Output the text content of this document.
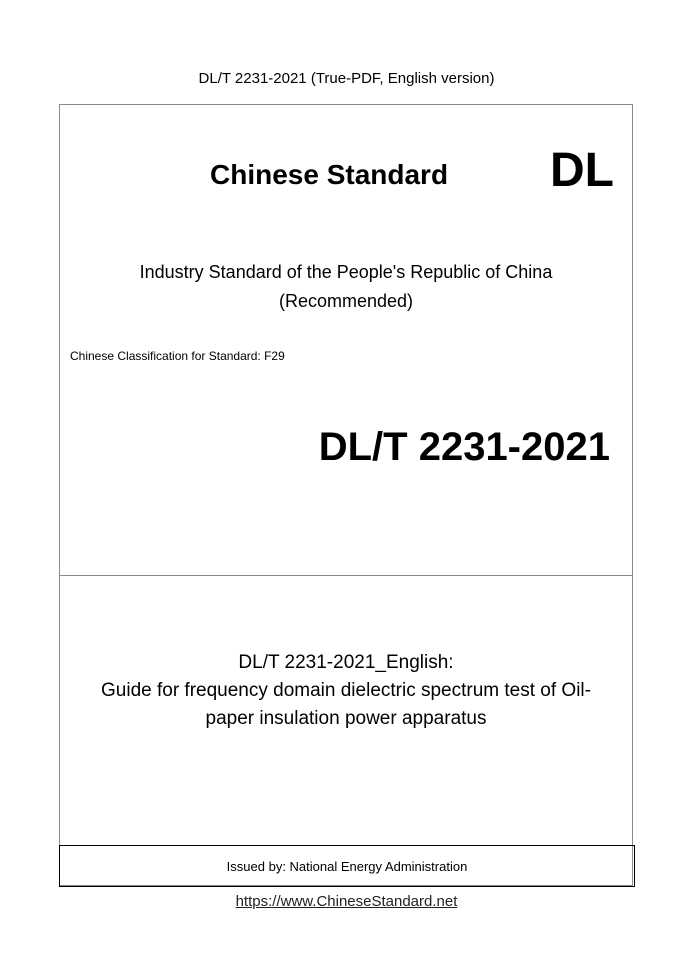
DL/T 2231-2021 (True-PDF, English version)
Chinese Standard DL
Industry Standard of the People's Republic of China
(Recommended)
Chinese Classification for Standard: F29
DL/T 2231-2021
DL/T 2231-2021_English:
Guide for frequency domain dielectric spectrum test of Oil-
paper insulation power apparatus
Issued by: National Energy Administration
https://www.ChineseStandard.net
